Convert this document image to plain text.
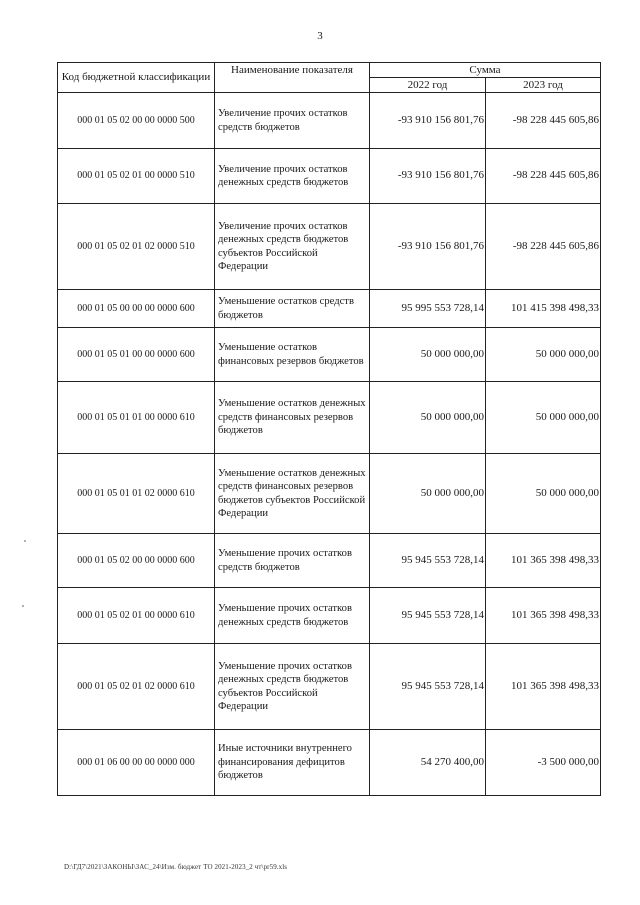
3
Код бюджетной классификации	Наименование показателя	Сумма	
		2022 год	2023 год
000 01 05 02 00 00 0000 500	Увеличение прочих остатков средств бюджетов	-93 910 156 801,76	-98 228 445 605,86
000 01 05 02 01 00 0000 510	Увеличение прочих остатков денежных средств бюджетов	-93 910 156 801,76	-98 228 445 605,86
000 01 05 02 01 02 0000 510	Увеличение прочих остатков денежных средств бюджетов субъектов Российской Федерации	-93 910 156 801,76	-98 228 445 605,86
000 01 05 00 00 00 0000 600	Уменьшение остатков средств бюджетов	95 995 553 728,14	101 415 398 498,33
000 01 05 01 00 00 0000 600	Уменьшение остатков финансовых резервов бюджетов	50 000 000,00	50 000 000,00
000 01 05 01 01 00 0000 610	Уменьшение остатков денежных средств финансовых резервов бюджетов	50 000 000,00	50 000 000,00
000 01 05 01 01 02 0000 610	Уменьшение остатков денежных средств финансовых резервов бюджетов субъектов Российской Федерации	50 000 000,00	50 000 000,00
000 01 05 02 00 00 0000 600	Уменьшение прочих остатков средств бюджетов	95 945 553 728,14	101 365 398 498,33
000 01 05 02 01 00 0000 610	Уменьшение прочих остатков денежных средств бюджетов	95 945 553 728,14	101 365 398 498,33
000 01 05 02 01 02 0000 610	Уменьшение прочих остатков денежных средств бюджетов субъектов Российской Федерации	95 945 553 728,14	101 365 398 498,33
000 01 06 00 00 00 0000 000	Иные источники внутреннего финансирования дефицитов бюджетов	54 270 400,00	-3 500 000,00
D:\ГД7\2021\ЗАКОНЫ\ЗАС_24\Изм. бюджет ТО 2021-2023_2 чт\pr59.xls
